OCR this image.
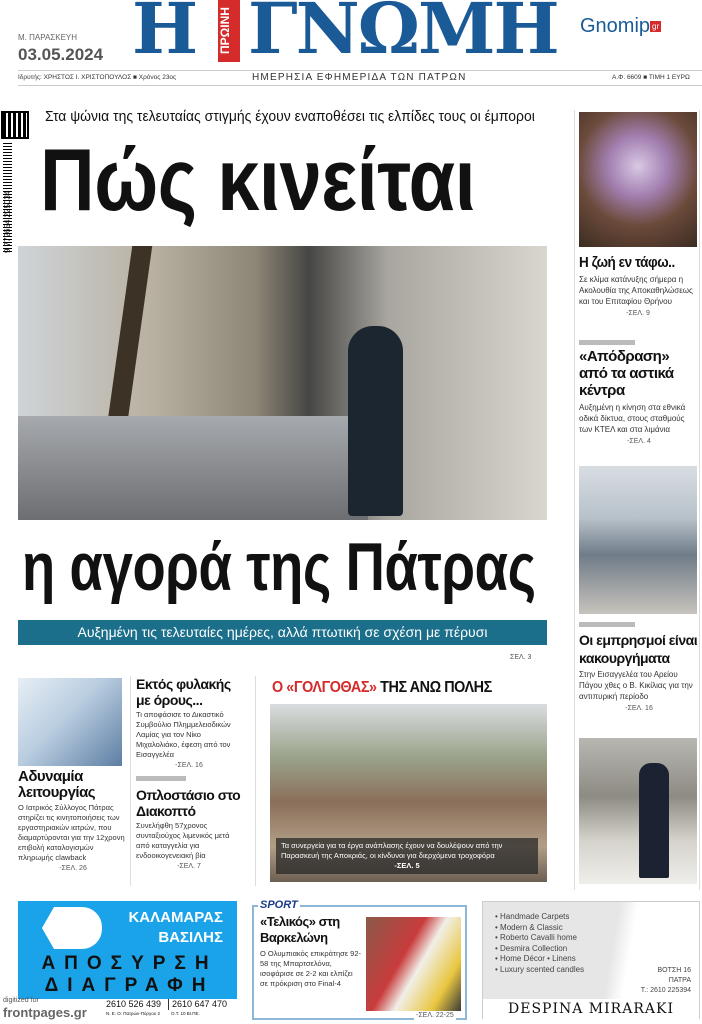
Μ. ΠΑΡΑΣΚΕΥΗ
03.05.2024 Η ΠΡΩΙΝΗ ΓΝΩΜΗ Gnomip gr
Ιδρυτής: ΧΡΗΣΤΟΣ Ι. ΧΡΙΣΤΟΠΟΥΛΟΣ ■ Χρόνος 23ος	ΗΜΕΡΗΣΙΑ ΕΦΗΜΕΡΙΔΑ ΤΩΝ ΠΑΤΡΩΝ	Α.Φ. 6609 ■ ΤΙΜΗ 1 ΕΥΡΩ
9 772654 225034
Στα ψώνια της τελευταίας στιγμής έχουν εναποθέσει τις ελπίδες τους οι έμποροι
Πώς κινείται
η αγορά της Πάτρας
Αυξημένη τις τελευταίες ημέρες, αλλά πτωτική σε σχέση με πέρυσι
ΣΕΛ. 3
Η ζωή εν τάφω..
Σε κλίμα κατάνυξης σήμερα η Ακολουθία της Αποκαθηλώσεως και του Επιταφίου Θρήνου
-ΣΕΛ. 9
«Απόδραση» από τα αστικά κέντρα
Αυξημένη η κίνηση στα εθνικά οδικά δίκτυα, στους σταθμούς των ΚΤΕΛ και στα λιμάνια
-ΣΕΛ. 4
Οι εμπρησμοί είναι κακουργήματα
Στην Εισαγγελέα του Αρείου Πάγου χθες ο Β. Κικίλιας για την αντιπυρική περίοδο
-ΣΕΛ. 16
Αδυναμία λειτουργίας
Ο Ιατρικός Σύλλογος Πάτρας στηρίζει τις κινητοποιήσεις των εργαστηριακών ιατρών, που διαμαρτύρονται για την 12χρονη επιβολή καταλογισμών πληρωμής clawback
-ΣΕΛ. 26
Εκτός φυλακής με όρους...
Τι αποφάσισε το Δικαστικό Συμβούλιο Πλημμελειοδικών Λαμίας για τον Νίκο Μιχαλολιάκο, έφεση από τον Εισαγγελέα
-ΣΕΛ. 16
Οπλοστάσιο στο Διακοπτό
Συνελήφθη 57χρονος συνταξιούχος λιμενικός μετά από καταγγελία για ενδοοικογενειακή βία
-ΣΕΛ. 7
Ο «ΓΟΛΓΟΘΑΣ» ΤΗΣ ΑΝΩ ΠΟΛΗΣ
Τα συνεργεία για τα έργα ανάπλασης έχουν να δουλέψουν από την Παρασκευή της Αποκριάς, οι κίνδυνοι για διερχόμενα τροχοφόρα
-ΣΕΛ. 5
ΚΑΛΑΜΑΡΑΣ
ΒΑΣΙΛΗΣ
ΑΠΟΣΥΡΣΗ
ΔΙΑΓΡΑΦΗ
2610 526 439
Ν. Ε. Ο. Πατρών-Πύργου 2
2610 647 470
Ο.Τ. 10 ΒΙ.ΠΕ.
digitized for
frontpages.gr
SPORT
«Τελικός» στη Βαρκελώνη
Ο Ολυμπιακός επικράτησε 92-58 της Μπαρτσελόνα, ισοφάρισε σε 2-2 και ελπίζει σε πρόκριση στο Final-4
-ΣΕΛ. 22-25
• Handmade Carpets
• Modern & Classic
• Roberto Cavalli home
• Desmira Collection
• Home Décor • Linens
• Luxury scented candles	ΒΟΤΣΗ 16
ΠΑΤΡΑ
Τ.: 2610 225394
DESPINA MIRARAKI
